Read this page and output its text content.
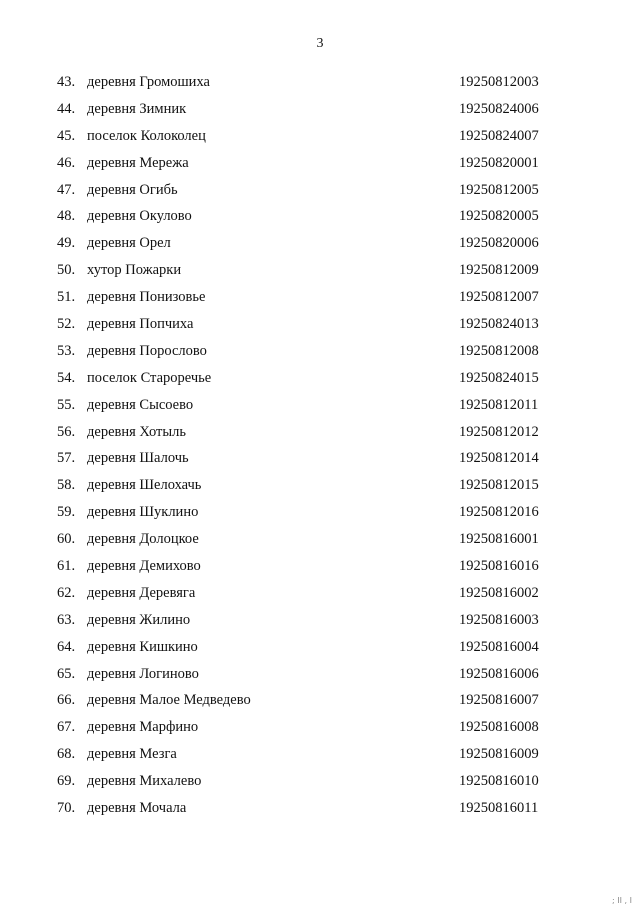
3
43. деревня Громошиха	19250812003
44. деревня Зимник	19250824006
45. поселок Колоколец	19250824007
46. деревня Мережа	19250820001
47. деревня Огибь	19250812005
48. деревня Окулово	19250820005
49. деревня Орел	19250820006
50. хутор Пожарки	19250812009
51. деревня Понизовье	19250812007
52. деревня Попчиха	19250824013
53. деревня Порослово	19250812008
54. поселок Староречье	19250824015
55. деревня Сысоево	19250812011
56. деревня Хотыль	19250812012
57. деревня Шалочь	19250812014
58. деревня Шелохачь	19250812015
59. деревня Шуклино	19250812016
60. деревня Долоцкое	19250816001
61. деревня Демихово	19250816016
62. деревня Деревяга	19250816002
63. деревня Жилино	19250816003
64. деревня Кишкино	19250816004
65. деревня Логиново	19250816006
66. деревня Малое Медведево	19250816007
67. деревня Марфино	19250816008
68. деревня Мезга	19250816009
69. деревня Михалево	19250816010
70. деревня Мочала	19250816011
; II , I
